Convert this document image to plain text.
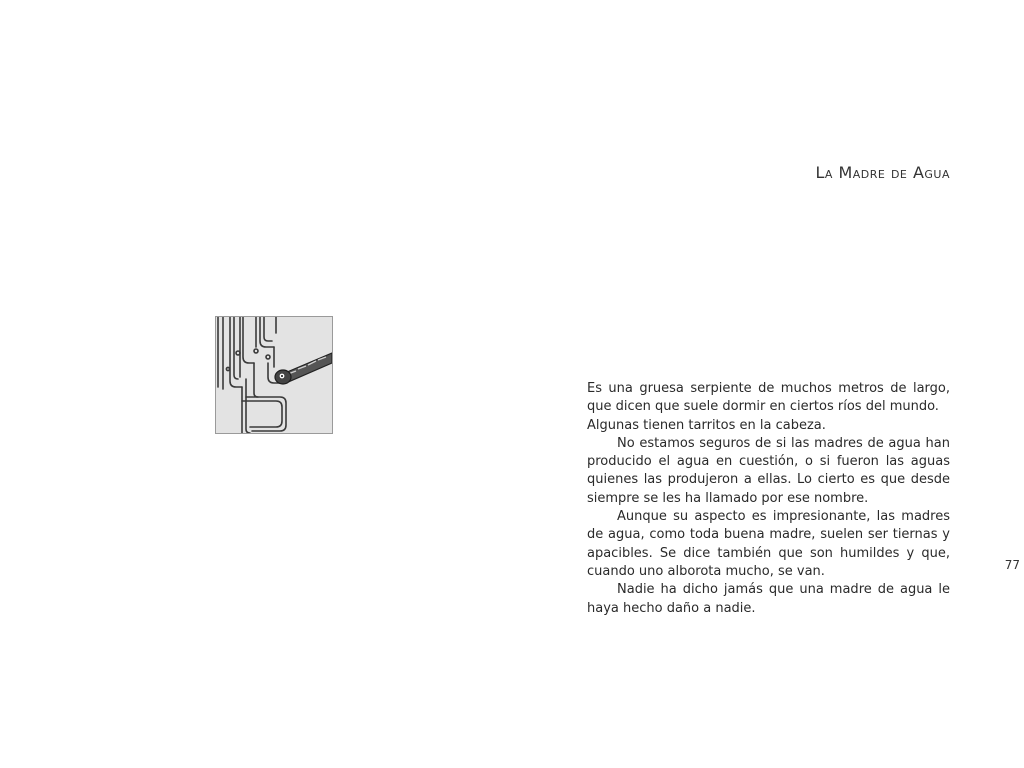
La Madre de Agua

Es una gruesa serpiente de muchos metros de largo, que dicen que suele dormir en ciertos ríos del mundo.

Algunas tienen tarritos en la cabeza.

No estamos seguros de si las madres de agua han producido el agua en cuestión, o si fueron las aguas quienes las produjeron a ellas. Lo cierto es que desde siempre se les ha llamado por ese nombre.

Aunque su aspecto es impresionante, las madres de agua, como toda buena madre, suelen ser tiernas y apacibles. Se dice también que son humildes y que, cuando uno alborota mucho, se van.

Nadie ha dicho jamás que una madre de agua le haya hecho daño a nadie.

77
